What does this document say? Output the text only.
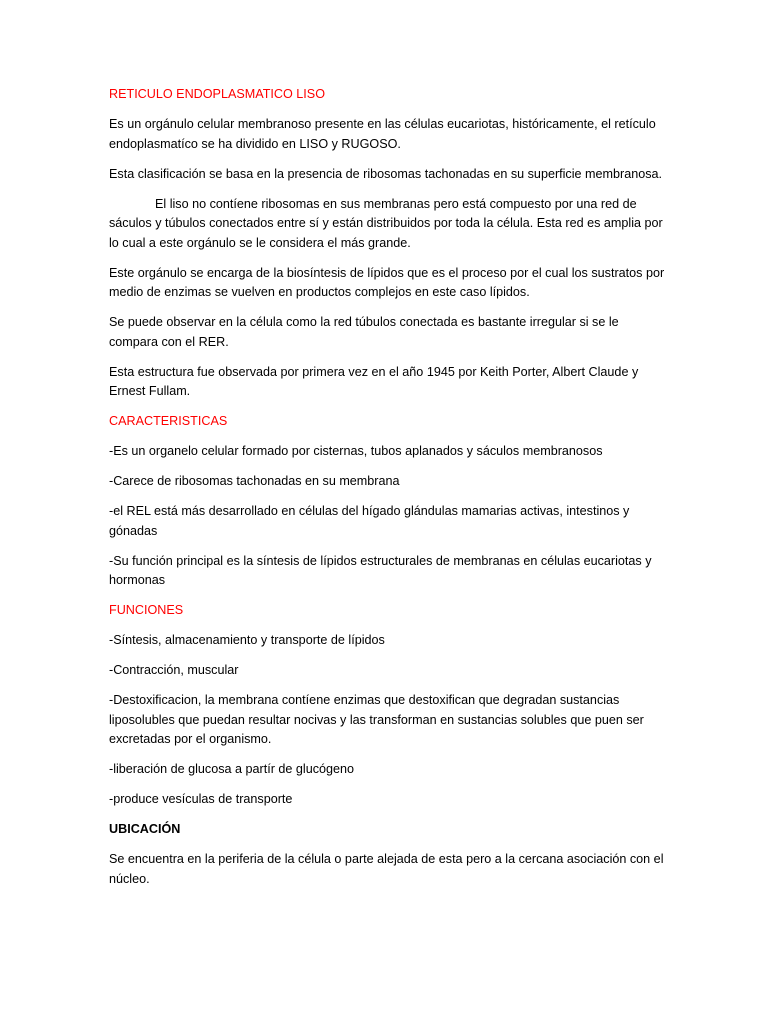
RETICULO ENDOPLASMATICO LISO

Es un orgánulo celular membranoso presente en las células eucariotas, históricamente, el retículo endoplasmatíco se ha dividido en LISO y RUGOSO.

Esta clasificación se basa en la presencia de ribosomas tachonadas en su superficie membranosa.

El liso no contíene ribosomas en sus membranas pero está compuesto por una red de sáculos y túbulos conectados entre sí y están distribuidos por toda la célula. Esta red es amplia por lo cual a este orgánulo se le considera el más grande.

Este orgánulo se encarga de la biosíntesis de lípidos que es el proceso por el cual los sustratos por medio de enzimas se vuelven en productos complejos en este caso lípidos.

Se puede observar en la célula como la red túbulos conectada es bastante irregular si se le compara con el RER.

Esta estructura fue observada por primera vez en el año 1945 por Keith Porter, Albert Claude y Ernest Fullam.

CARACTERISTICAS

-Es un organelo celular formado por cisternas, tubos aplanados y sáculos membranosos

-Carece de ribosomas tachonadas en su membrana

-el REL está más desarrollado en células del hígado glándulas mamarias activas, intestinos y gónadas

-Su función principal es la síntesis de lípidos estructurales de membranas en células eucariotas y hormonas

FUNCIONES

-Síntesis, almacenamiento y transporte de lípidos

-Contracción, muscular

-Destoxificacion, la membrana contíene enzimas que destoxifican que degradan sustancias liposolubles que puedan resultar nocivas y las transforman en sustancias solubles que puen ser excretadas por el organismo.

-liberación de glucosa a partír de glucógeno

-produce vesículas de transporte

UBICACIÓN

Se encuentra en la periferia de la célula o parte alejada de esta pero a la cercana asociación con el núcleo.
